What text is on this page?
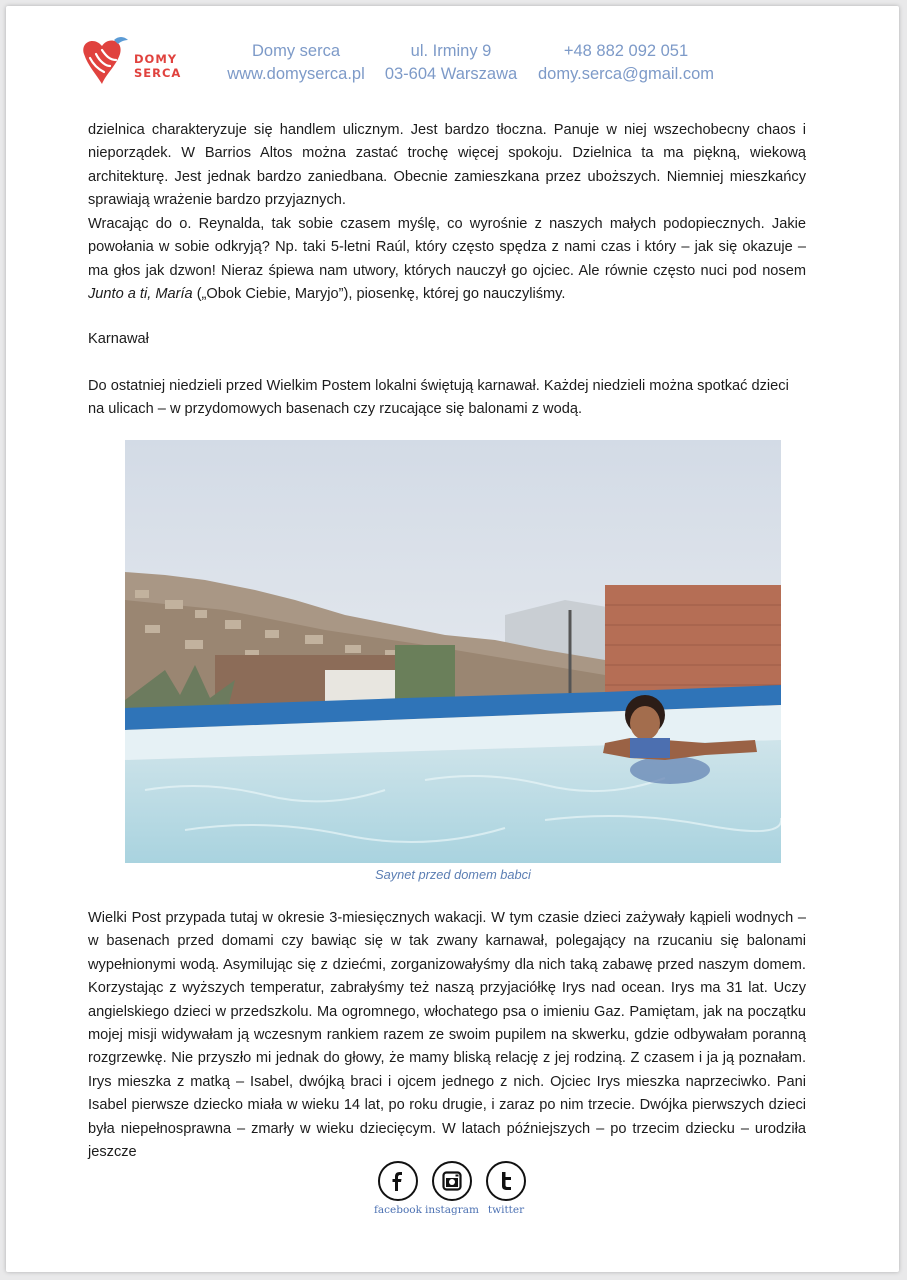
DOMY
SERCA
Domy serca
www.domyserca.pl
ul. Irminy 9
03-604 Warszawa
+48 882 092 051
domy.serca@gmail.com
dzielnica charakteryzuje się handlem ulicznym. Jest bardzo tłoczna. Panuje w niej wszechobecny chaos i nieporządek. W Barrios Altos można zastać trochę więcej spokoju. Dzielnica ta ma piękną, wiekową architekturę. Jest jednak bardzo zaniedbana. Obecnie zamieszkana przez uboższych. Niemniej mieszkańcy sprawiają wrażenie bardzo przyjaznych.
Wracając do o. Reynalda, tak sobie czasem myślę, co wyrośnie z naszych małych podopiecznych. Jakie powołania w sobie odkryją? Np. taki 5-letni Raúl, który często spędza z nami czas i który – jak się okazuje – ma głos jak dzwon! Nieraz śpiewa nam utwory, których nauczył go ojciec. Ale równie często nuci pod nosem Junto a ti, María („Obok Ciebie, Maryjo”), piosenkę, której go nauczyliśmy.
Karnawał
Do ostatniej niedzieli przed Wielkim Postem lokalni świętują karnawał. Każdej niedzieli można spotkać dzieci na ulicach – w przydomowych basenach czy rzucające się balonami z wodą.
Saynet przed domem babci
Wielki Post przypada tutaj w okresie 3-miesięcznych wakacji. W tym czasie dzieci zażywały kąpieli wodnych – w basenach przed domami czy bawiąc się w tak zwany karnawał, polegający na rzucaniu się balonami wypełnionymi wodą. Asymilując się z dziećmi, zorganizowałyśmy dla nich taką zabawę przed naszym domem. Korzystając z wyższych temperatur, zabrałyśmy też naszą przyjaciółkę Irys nad ocean. Irys ma 31 lat. Uczy angielskiego dzieci w przedszkolu. Ma ogromnego, włochatego psa o imieniu Gaz. Pamiętam, jak na początku mojej misji widywałam ją wczesnym rankiem razem ze swoim pupilem na skwerku, gdzie odbywałam poranną rozgrzewkę. Nie przyszło mi jednak do głowy, że mamy bliską relację z jej rodziną. Z czasem i ja ją poznałam. Irys mieszka z matką – Isabel, dwójką braci i ojcem jednego z nich. Ojciec Irys mieszka naprzeciwko. Pani Isabel pierwsze dziecko miała w wieku 14 lat, po roku drugie, i zaraz po nim trzecie. Dwójka pierwszych dzieci była niepełnosprawna – zmarły w wieku dziecięcym. W latach późniejszych – po trzecim dziecku – urodziła jeszcze
facebook instagram twitter
